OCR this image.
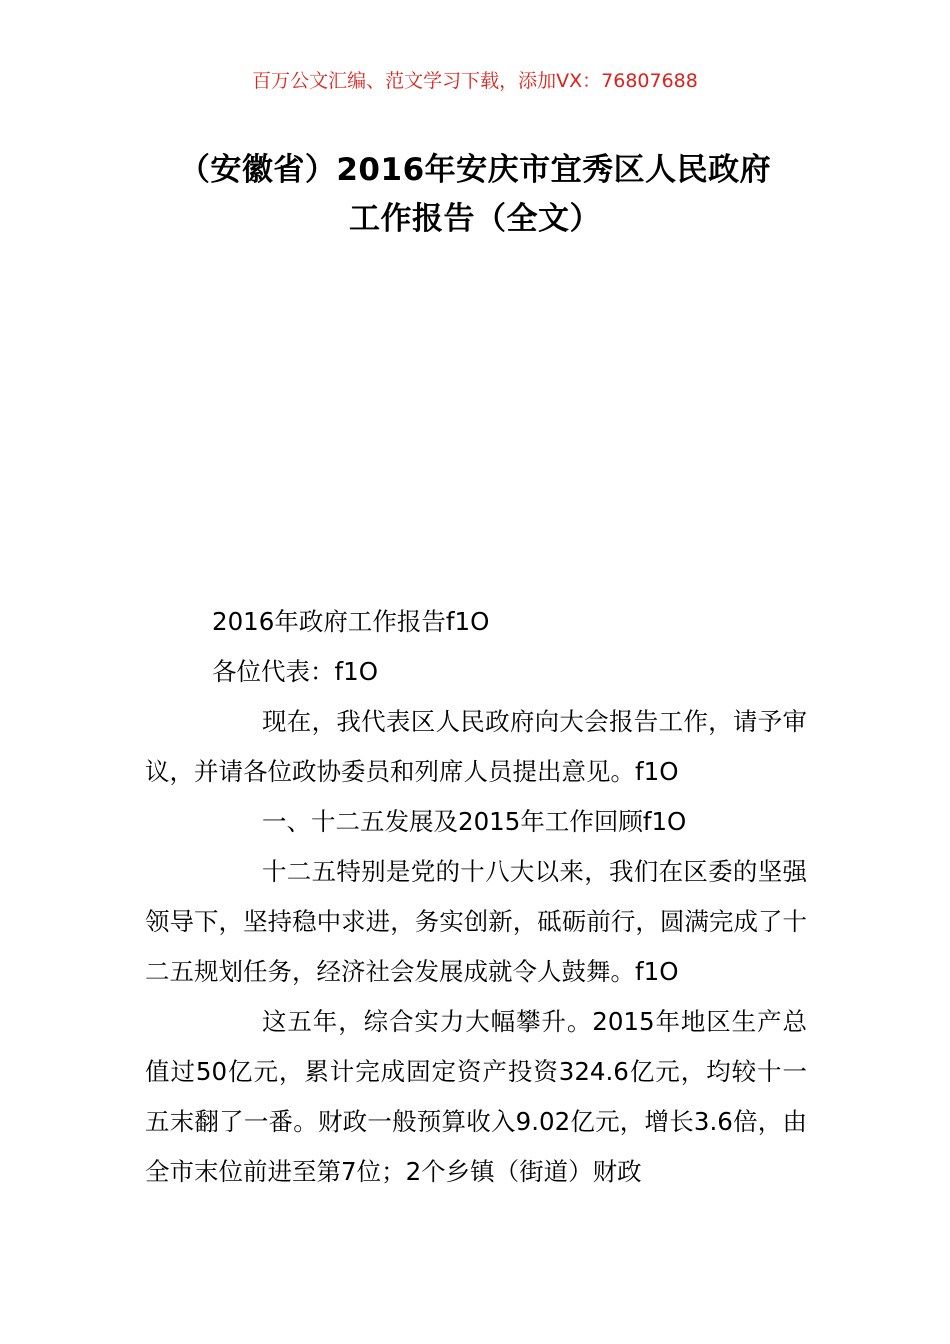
百万公文汇编、范文学习下载，添加VX：76807688
（安徽省）2016年安庆市宜秀区人民政府
工作报告（全文）

2016年政府工作报告f1O

各位代表：f1O

现在，我代表区人民政府向大会报告工作，请予审议，并请各位政协委员和列席人员提出意见。f1O

一、十二五发展及2015年工作回顾f1O

十二五特别是党的十八大以来，我们在区委的坚强领导下，坚持稳中求进，务实创新，砥砺前行，圆满完成了十二五规划任务，经济社会发展成就令人鼓舞。f1O

这五年，综合实力大幅攀升。2015年地区生产总值过50亿元，累计完成固定资产投资324.6亿元，均较十一五末翻了一番。财政一般预算收入9.02亿元，增长3.6倍，由全市末位前进至第7位；2个乡镇（街道）财政
